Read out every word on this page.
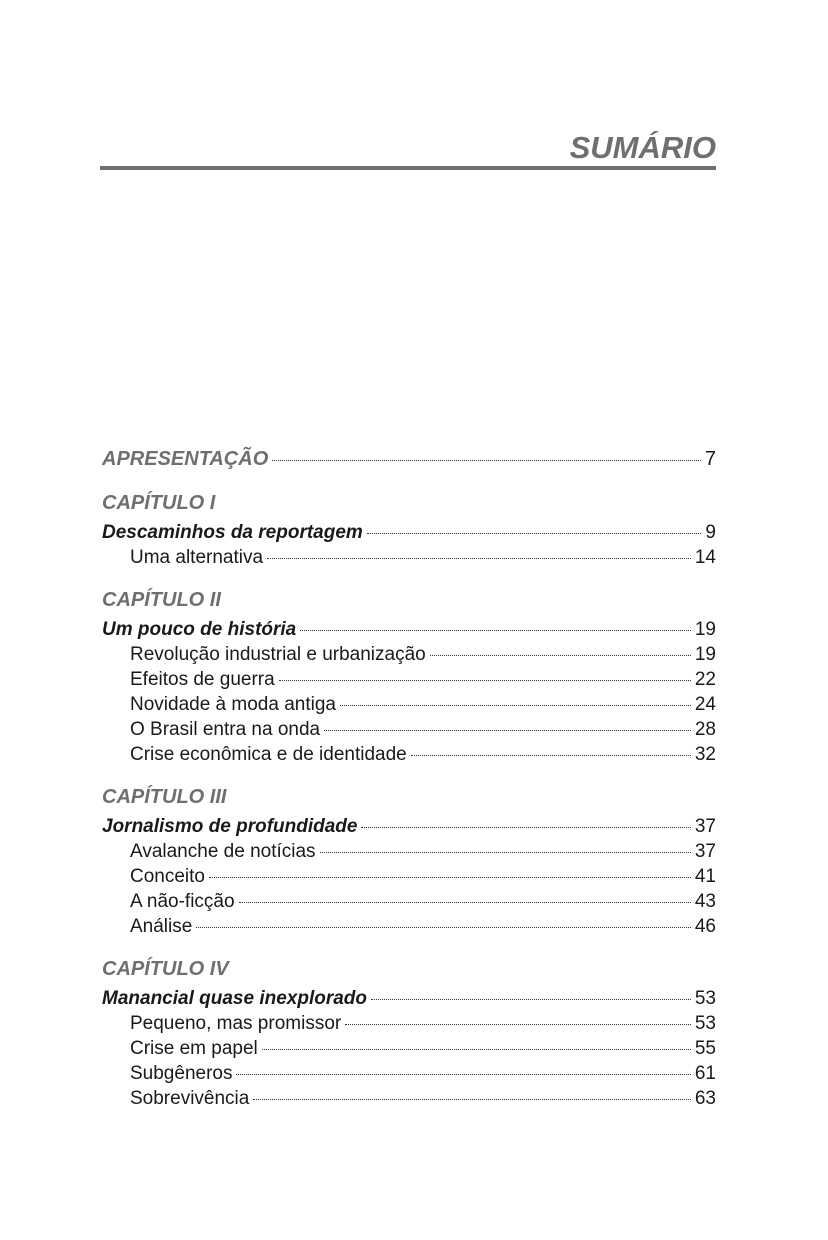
SUMÁRIO
APRESENTAÇÃO	7
CAPÍTULO I
Descaminhos da reportagem	9
Uma alternativa	14
CAPÍTULO II
Um pouco de história	19
Revolução industrial e urbanização	19
Efeitos de guerra	22
Novidade à moda antiga	24
O Brasil entra na onda	28
Crise econômica e de identidade	32
CAPÍTULO III
Jornalismo de profundidade	37
Avalanche de notícias	37
Conceito	41
A não-ficção	43
Análise	46
CAPÍTULO IV
Manancial quase inexplorado	53
Pequeno, mas promissor	53
Crise em papel	55
Subgêneros	61
Sobrevivência	63
